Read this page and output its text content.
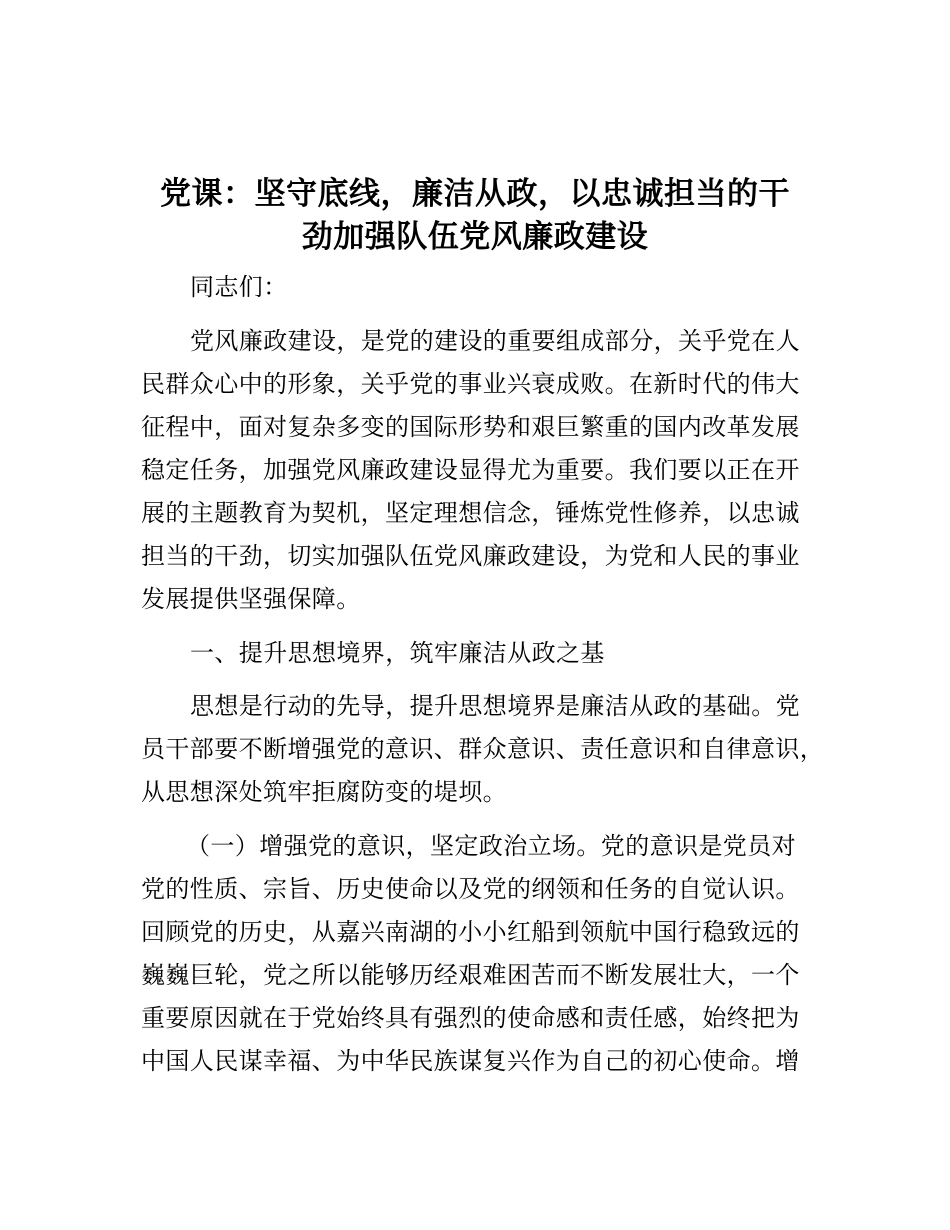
党课：坚守底线，廉洁从政，以忠诚担当的干
劲加强队伍党风廉政建设
同志们：
党风廉政建设，是党的建设的重要组成部分，关乎党在人
民群众心中的形象，关乎党的事业兴衰成败。在新时代的伟大
征程中，面对复杂多变的国际形势和艰巨繁重的国内改革发展
稳定任务，加强党风廉政建设显得尤为重要。我们要以正在开
展的主题教育为契机，坚定理想信念，锤炼党性修养，以忠诚
担当的干劲，切实加强队伍党风廉政建设，为党和人民的事业
发展提供坚强保障。
一、提升思想境界，筑牢廉洁从政之基
思想是行动的先导，提升思想境界是廉洁从政的基础。党
员干部要不断增强党的意识、群众意识、责任意识和自律意识，
从思想深处筑牢拒腐防变的堤坝。
（一）增强党的意识，坚定政治立场。党的意识是党员对
党的性质、宗旨、历史使命以及党的纲领和任务的自觉认识。
回顾党的历史，从嘉兴南湖的小小红船到领航中国行稳致远的
巍巍巨轮，党之所以能够历经艰难困苦而不断发展壮大，一个
重要原因就在于党始终具有强烈的使命感和责任感，始终把为
中国人民谋幸福、为中华民族谋复兴作为自己的初心使命。增
